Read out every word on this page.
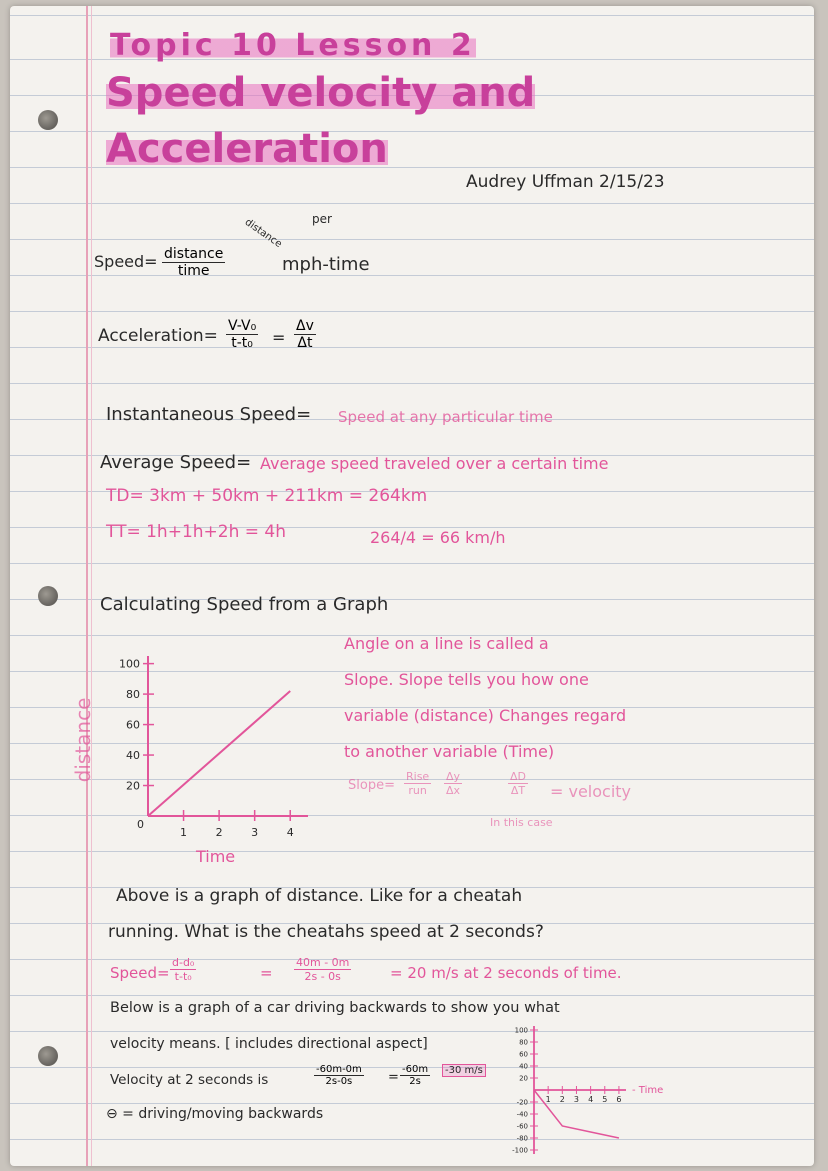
Topic 10 Lesson 2
Speed velocity and
Acceleration
Audrey Uffman 2/15/23
Speed= distance
time
per
distance
mph-time
Acceleration= $\frac{\text{V-V₀}}{\text{t-t₀}} = \frac{\Delta v}{\Delta t}$
Instantaneous Speed= Speed at any particular time
Average Speed= Average speed traveled over a certain time
TD= 3km + 50km + 211km = 264km
TT= 1h+1h+2h = 4h	264/4 = 66 km/h
Calculating Speed from a Graph
20
40
60
80
100
1	2	3	4
0
Time
distance
Angle on a line is called a
Slope. Slope tells you how one
variable (distance) Changes regard
to another variable (Time)
Slope=
Rise
run	$\frac{\Delta y}{\Delta x}$	$\frac{\Delta D}{\Delta T}$ = velocity
In this case
Above is a graph of distance. Like for a cheatah
running. What is the cheatahs speed at 2 seconds?
Speed= $\frac{\text{d-d₀}}{\text{t-t₀}}$	= $\frac{40m - 0m}{2s - 0s}$	= 20 m/s at 2 seconds of time.
Below is a graph of a car driving backwards to show you what
velocity means. [ includes directional aspect]
Velocity at 2 seconds is	$\frac{-60m-0m}{2s-0s} = \frac{-60m}{2s}$	-30 m/s
⊖ = driving/moving backwards
100
80
60
40
20
-20
-40
-60
-80
-100
1 2 3 4 5 6
- Time
